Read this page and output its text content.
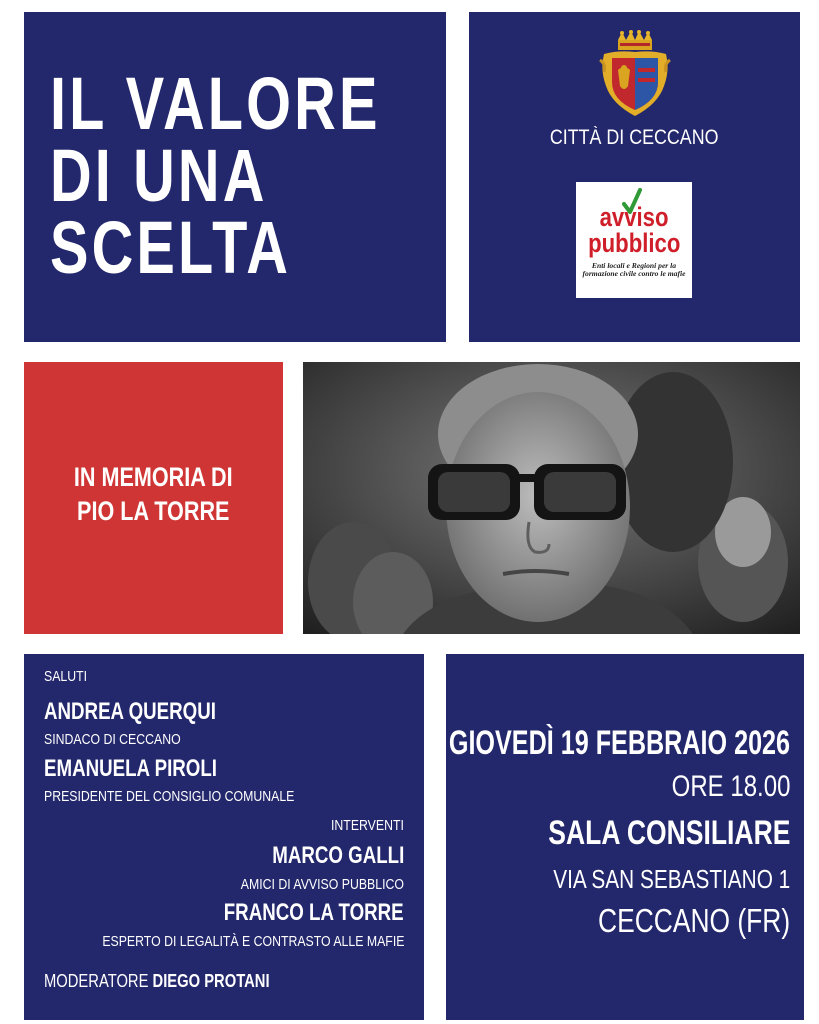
IL VALORE
DI UNA
SCELTA
CITTÀ DI CECCANO
avviso
pubblico
Enti locali e Regioni per la formazione civile contro le mafie
IN MEMORIA DI
PIO LA TORRE
SALUTI
ANDREA QUERQUI
SINDACO DI CECCANO
EMANUELA PIROLI
PRESIDENTE DEL CONSIGLIO COMUNALE
INTERVENTI
MARCO GALLI
AMICI DI AVVISO PUBBLICO
FRANCO LA TORRE
ESPERTO DI LEGALITÀ E CONTRASTO ALLE MAFIE
MODERATORE DIEGO PROTANI
GIOVEDÌ 19 FEBBRAIO 2026
ORE 18.00
SALA CONSILIARE
VIA SAN SEBASTIANO 1
CECCANO (FR)
